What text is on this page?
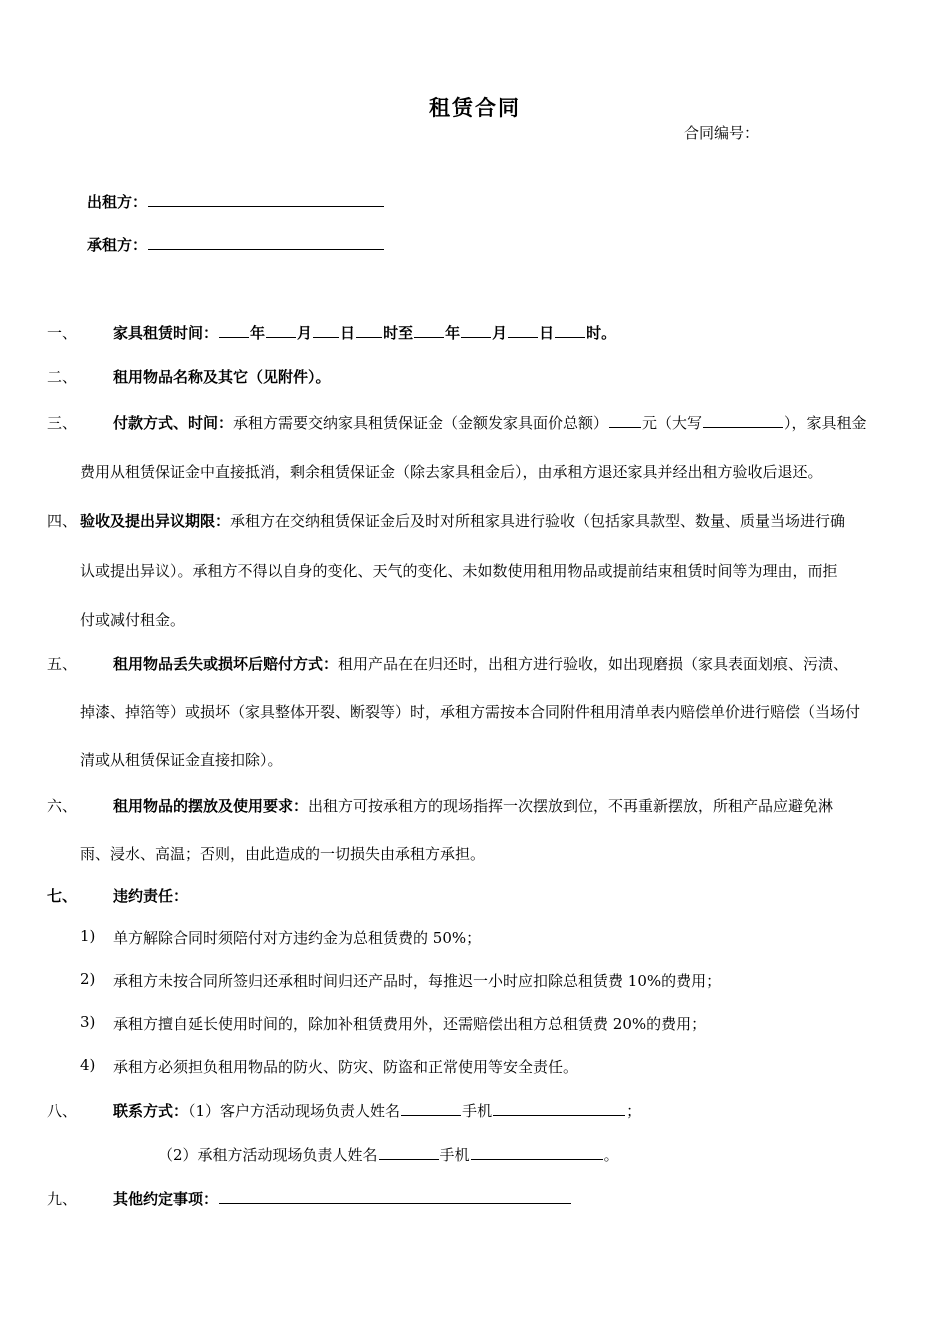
租赁合同
合同编号：
出租方：
承租方：
一、 家具租赁时间： 年 月 日 时至 年 月 日 时。
二、 租用物品名称及其它（见附件）。
三、 付款方式、时间：承租方需要交纳家具租赁保证金（金额发家具面价总额） 元（大写	），家具租金
费用从租赁保证金中直接抵消，剩余租赁保证金（除去家具租金后），由承租方退还家具并经出租方验收后退还。
四、 验收及提出异议期限：承租方在交纳租赁保证金后及时对所租家具进行验收（包括家具款型、数量、质量当场进行确
认或提出异议）。承租方不得以自身的变化、天气的变化、未如数使用租用物品或提前结束租赁时间等为理由，而拒
付或减付租金。
五、 租用物品丢失或损坏后赔付方式：租用产品在在归还时，出租方进行验收，如出现磨损（家具表面划痕、污渍、
掉漆、掉箔等）或损坏（家具整体开裂、断裂等）时，承租方需按本合同附件租用清单表内赔偿单价进行赔偿（当场付
清或从租赁保证金直接扣除）。
六、 租用物品的摆放及使用要求：出租方可按承租方的现场指挥一次摆放到位，不再重新摆放，所租产品应避免淋
雨、浸水、高温；否则，由此造成的一切损失由承租方承担。
七、 违约责任：
1) 单方解除合同时须陪付对方违约金为总租赁费的 50%；
2) 承租方未按合同所签归还承租时间归还产品时，每推迟一小时应扣除总租赁费 10%的费用；
3) 承租方擅自延长使用时间的，除加补租赁费用外，还需赔偿出租方总租赁费 20%的费用；
4) 承租方必须担负租用物品的防火、防灾、防盗和正常使用等安全责任。
八、 联系方式：（1）客户方活动现场负责人姓名	手机	；
（2）承租方活动现场负责人姓名	手机	。
九、 其他约定事项：
